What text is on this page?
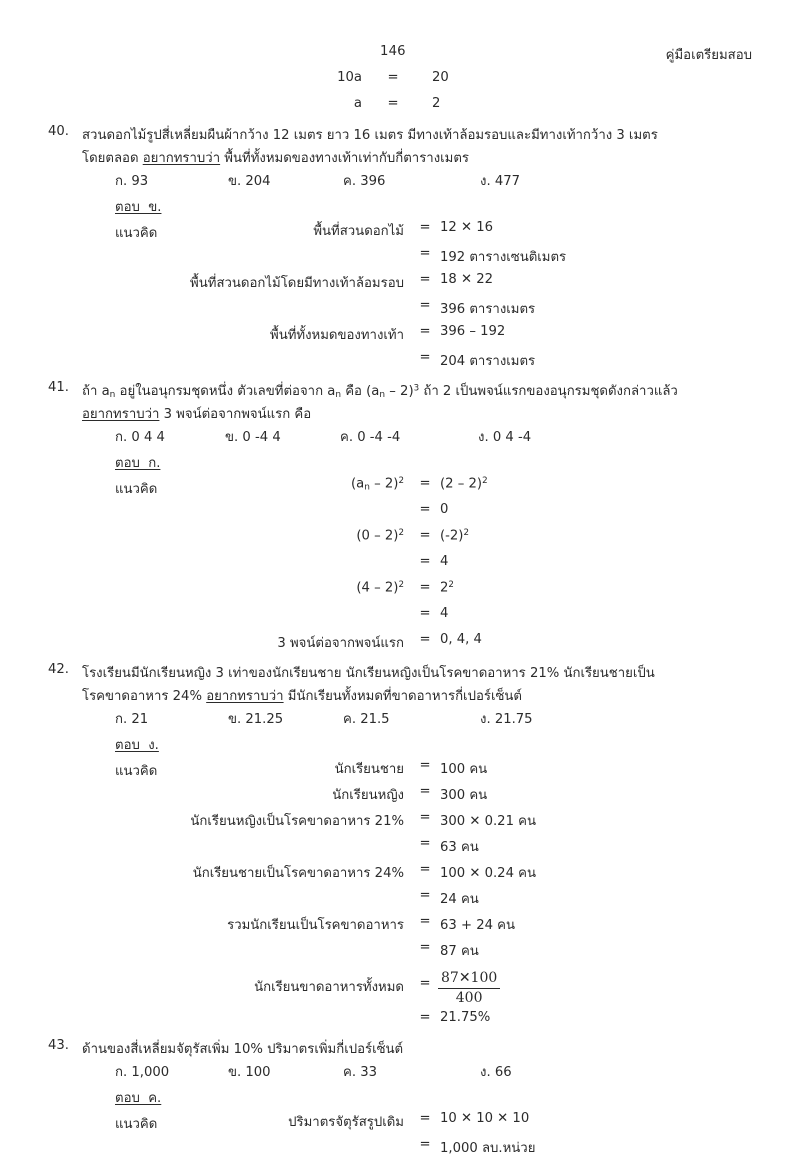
146	คู่มือเตรียมสอบ
10a =	20
a =	2
40. สวนดอกไม้รูปสี่เหลี่ยมผืนผ้ากว้าง 12 เมตร ยาว 16 เมตร มีทางเท้าล้อมรอบและมีทางเท้ากว้าง 3 เมตร
โดยตลอด อยากทราบว่า พื้นที่ทั้งหมดของทางเท้าเท่ากับกี่ตารางเมตร
ก. 93	ข. 204	ค. 396	ง. 477
ตอบ  ข.
แนวคิด	พื้นที่สวนดอกไม้ = 12 ✕ 16
= 192 ตารางเซนติเมตร
พื้นที่สวนดอกไม้โดยมีทางเท้าล้อมรอบ = 18 ✕ 22
= 396 ตารางเมตร
พื้นที่ทั้งหมดของทางเท้า = 396 – 192
= 204 ตารางเมตร
41. ถ้า $a_n$ อยู่ในอนุกรมชุดหนึ่ง ตัวเลขที่ต่อจาก $a_n$ คือ $(a_n - 2)^3$ ถ้า 2 เป็นพจน์แรกของอนุกรมชุดดังกล่าวแล้ว
อยากทราบว่า 3 พจน์ต่อจากพจน์แรก คือ
ก. 0 4 4	ข. 0 -4 4	ค. 0 -4 -4	ง. 0 4 -4
ตอบ  ก.
แนวคิด	$(a_n - 2)^2 = (2 - 2)^2$
= 0
$(0 - 2)^2 = (-2)^2$
= 4
$(4 - 2)^2 = 2^2$
= 4
3 พจน์ต่อจากพจน์แรก = 0, 4, 4
42. โรงเรียนมีนักเรียนหญิง 3 เท่าของนักเรียนชาย นักเรียนหญิงเป็นโรคขาดอาหาร 21% นักเรียนชายเป็น
โรคขาดอาหาร 24% อยากทราบว่า มีนักเรียนทั้งหมดที่ขาดอาหารกี่เปอร์เซ็นต์
ก. 21	ข. 21.25	ค. 21.5	ง. 21.75
ตอบ  ง.
แนวคิด	นักเรียนชาย = 100 คน
นักเรียนหญิง = 300 คน
นักเรียนหญิงเป็นโรคขาดอาหาร 21% = 300 ✕ 0.21 คน
= 63 คน
นักเรียนชายเป็นโรคขาดอาหาร 24% = 100 ✕ 0.24 คน
= 24 คน
รวมนักเรียนเป็นโรคขาดอาหาร = 63 + 24 คน
= 87 คน
นักเรียนขาดอาหารทั้งหมด = $\frac{87✕100}{400}$
= 21.75%
43. ด้านของสี่เหลี่ยมจัตุรัสเพิ่ม 10% ปริมาตรเพิ่มกี่เปอร์เซ็นต์
ก. 1,000	ข. 100	ค. 33	ง. 66
ตอบ  ค.
แนวคิด	ปริมาตรจัตุรัสรูปเดิม = 10 ✕ 10 ✕ 10
= 1,000 ลบ.หน่วย
